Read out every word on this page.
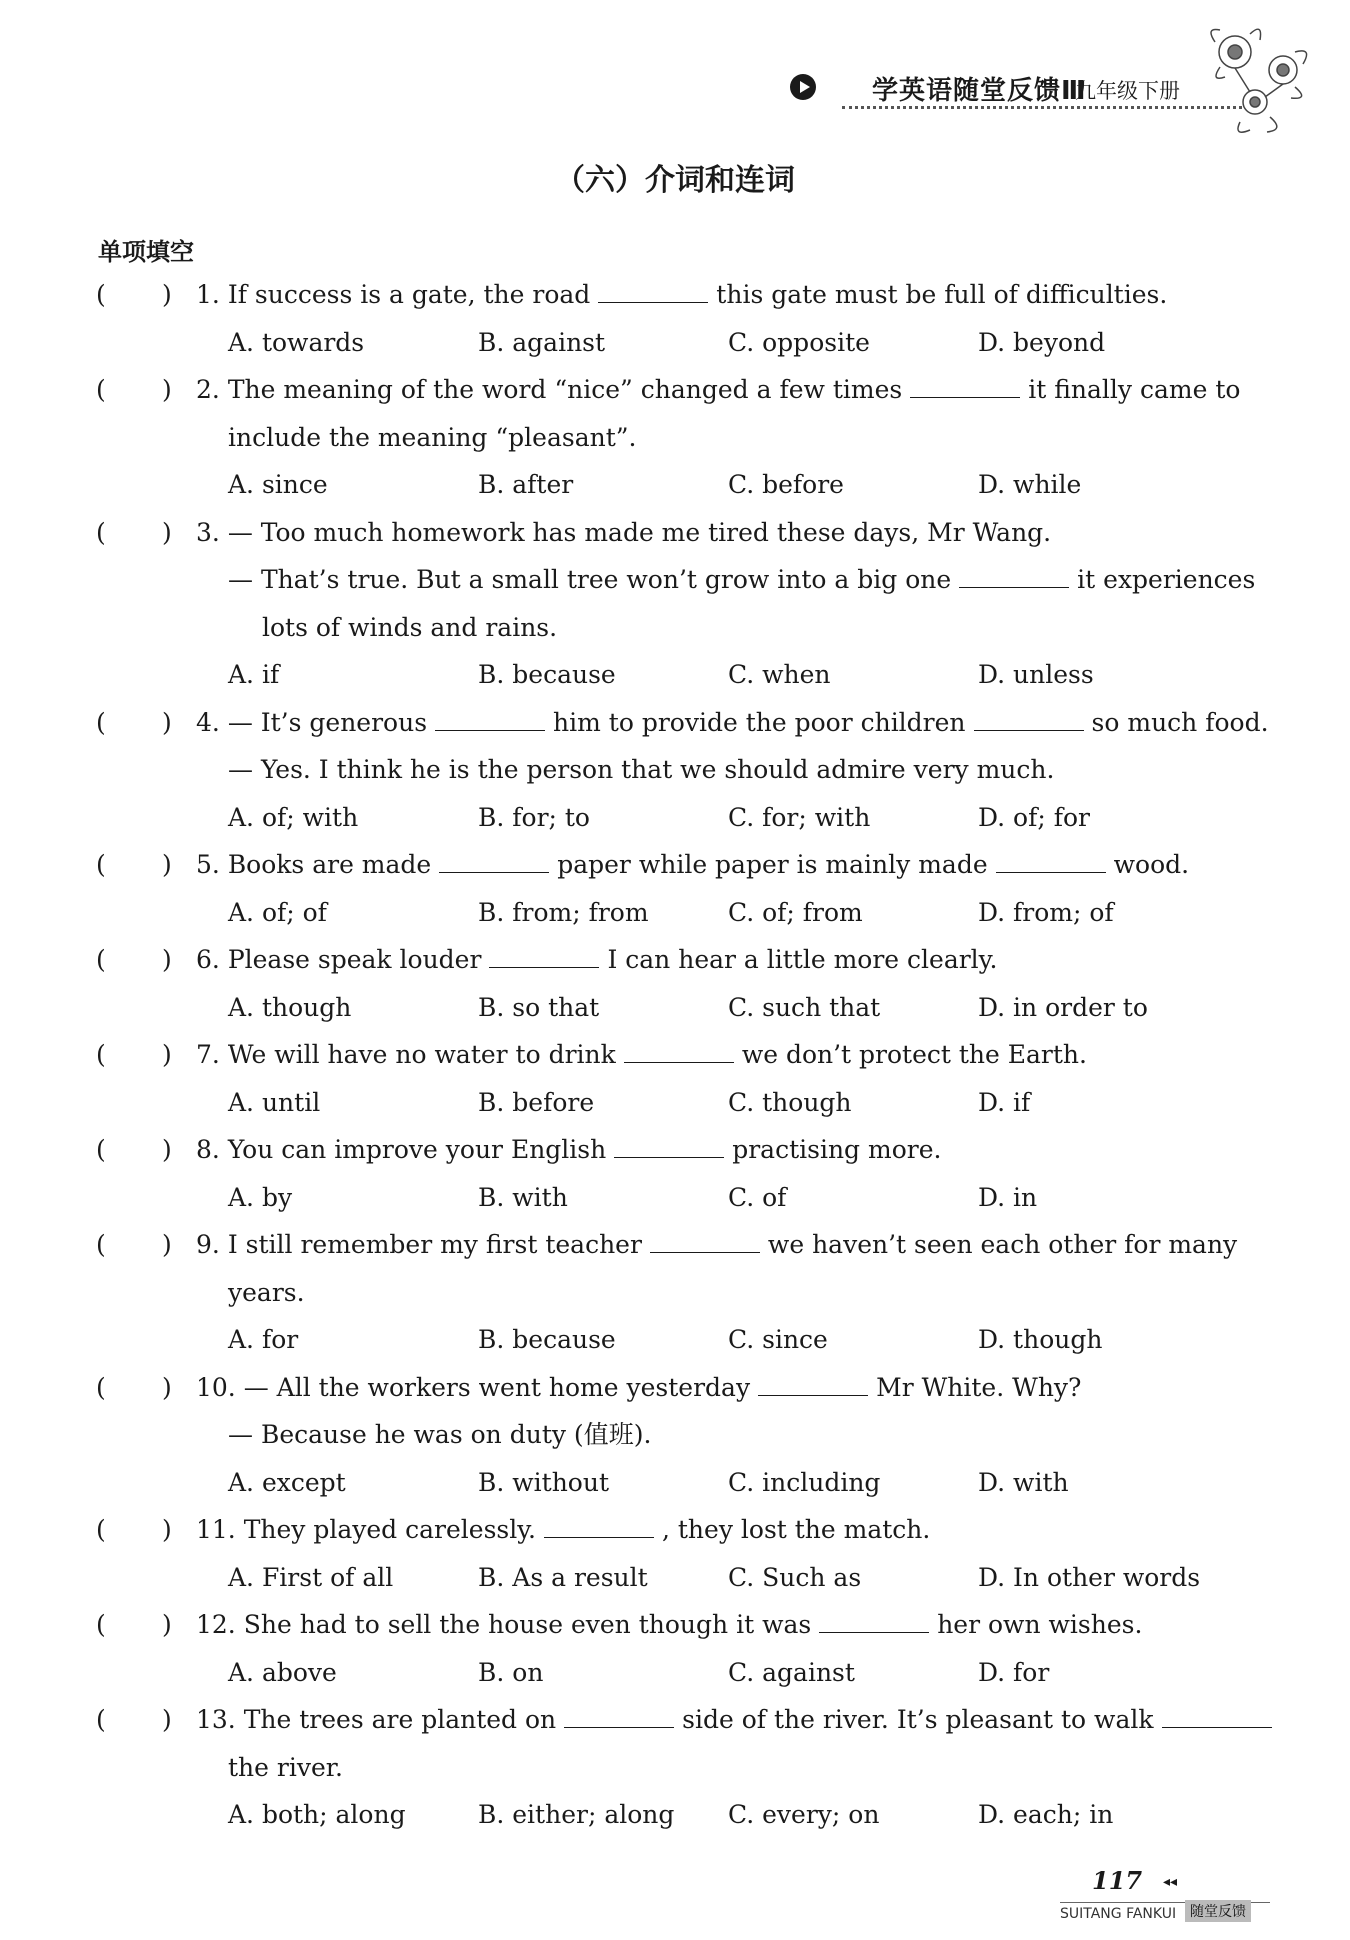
学英语随堂反馈Ⅲ
九年级下册
（六）介词和连词
单项填空
( ) 1. If success is a gate, the road	this gate must be full of difficulties.
A. towards	B. against	C. opposite	D. beyond
( ) 2. The meaning of the word “nice” changed a few times	it finally came to
include the meaning “pleasant”.
A. since	B. after	C. before	D. while
( ) 3. — Too much homework has made me tired these days, Mr Wang.
— That’s true. But a small tree won’t grow into a big one	it experiences
lots of winds and rains.
A. if	B. because	C. when	D. unless
( ) 4. — It’s generous	him to provide the poor children	so much food.
— Yes. I think he is the person that we should admire very much.
A. of; with	B. for; to	C. for; with	D. of; for
( ) 5. Books are made	paper while paper is mainly made	wood.
A. of; of	B. from; from	C. of; from	D. from; of
( ) 6. Please speak louder	I can hear a little more clearly.
A. though	B. so that	C. such that	D. in order to
( ) 7. We will have no water to drink	we don’t protect the Earth.
A. until	B. before	C. though	D. if
( ) 8. You can improve your English	practising more.
A. by	B. with	C. of	D. in
( ) 9. I still remember my first teacher	we haven’t seen each other for many
years.
A. for	B. because	C. since	D. though
( ) 10. — All the workers went home yesterday	Mr White. Why?
— Because he was on duty (值班).
A. except	B. without	C. including	D. with
( ) 11. They played carelessly.	, they lost the match.
A. First of all	B. As a result	C. Such as	D. In other words
( ) 12. She had to sell the house even though it was	her own wishes.
A. above	B. on	C. against	D. for
( ) 13. The trees are planted on	side of the river. It’s pleasant to walk
the river.
A. both; along	B. either; along C. every; on	D. each; in
117 ◂◂
SUITANG FANKUI 随堂反馈
